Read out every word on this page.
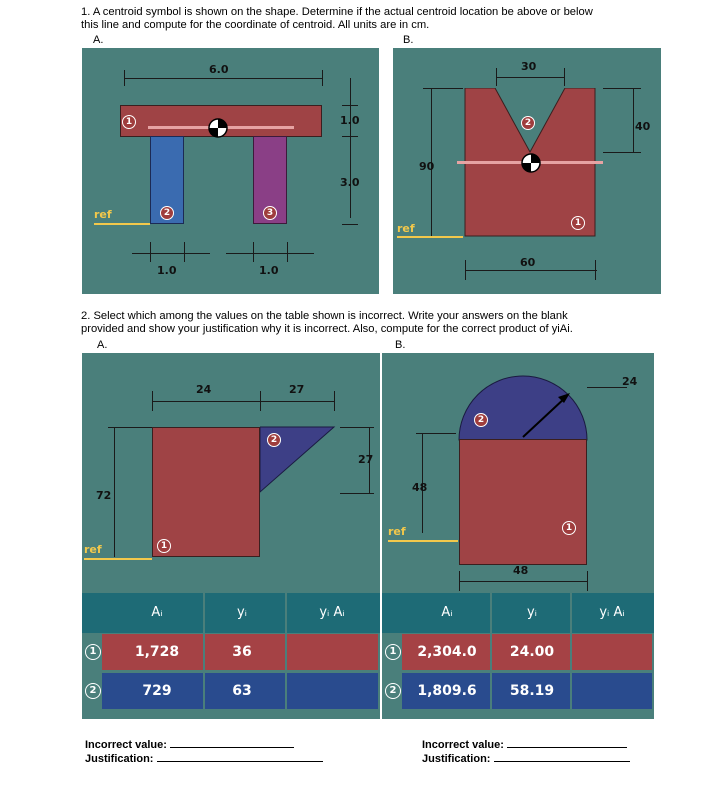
1. A centroid symbol is shown on the shape. Determine if the actual centroid location be above or below
this line and compute for the coordinate of centroid. All units are in cm.
A.	B.
6.0
1
2	3
1.0
3.0
ref
1.0	1.0
30
2
1
40
90
ref
60
2. Select which among the values on the table shown is incorrect. Write your answers on the blank
provided and show your justification why it is incorrect. Also, compute for the correct product of yiAi.
A.	B.
24	27
2
1
72
27
ref
2
1
24
48
ref
48
Aᵢ	yᵢ	yᵢ Aᵢ
1	1,728	36
2	729	63
Aᵢ	yᵢ	yᵢ Aᵢ
1	2,304.0	24.00
2	1,809.6	58.19
Incorrect value:
Justification:
Incorrect value:
Justification:
